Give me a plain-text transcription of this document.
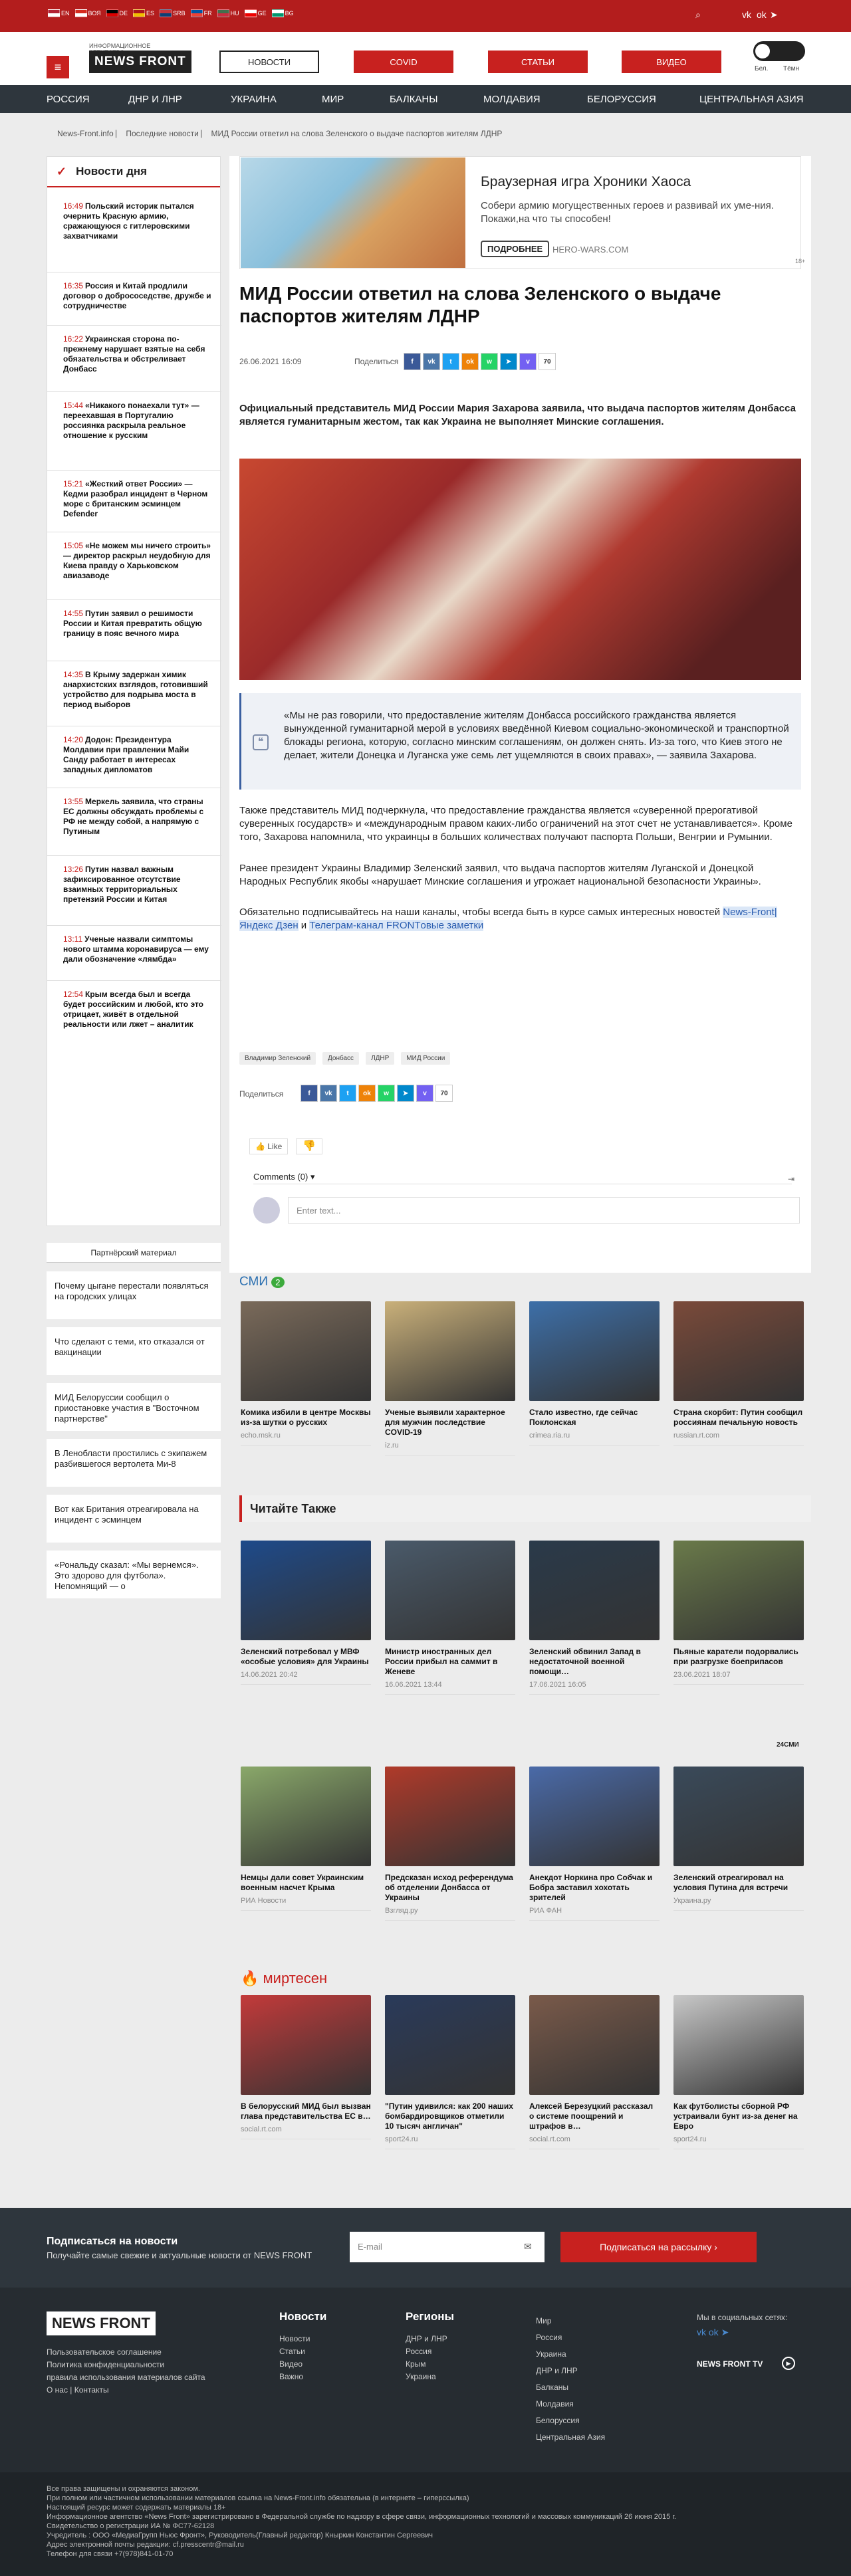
EN	ВОЯ	DE	ES	SRB	FR	HU	GE	BG	⌕	vk ok ➤
≡
ИНФОРМАЦИОННОЕ
NEWS FRONT	НОВОСТИ	COVID	СТАТЬИ	ВИДЕО
Бел. Тёмн
РОССИЯ	ДНР И ЛНР	УКРАИНА	МИР	БАЛКАНЫ	МОЛДАВИЯ	БЕЛОРУССИЯ	ЦЕНТРАЛЬНАЯ АЗИЯ
News-Front.info ⎸ Последние новости ⎸ МИД России ответил на слова Зеленского о выдаче паспортов жителям ЛДНР
✓ Новости дня
16:49 Польский историк пытался очернить Красную армию, сражающуюся с гитлеровскими захватчиками
16:35 Россия и Китай продлили договор о добрососедстве, дружбе и сотрудничестве
16:22 Украинская сторона по-прежнему нарушает взятые на себя обязательства и обстреливает Донбасс
15:44 «Никакого понаехали тут» — переехавшая в Португалию россиянка раскрыла реальное отношение к русским
15:21 «Жесткий ответ России» — Кедми разобрал инцидент в Черном море с британским эсминцем Defender
15:05 «Не можем мы ничего строить» — директор раскрыл неудобную для Киева правду о Харьковском авиазаводе
14:55 Путин заявил о решимости России и Китая превратить общую границу в пояс вечного мира
14:35 В Крыму задержан химик анархистских взглядов, готовивший устройство для подрыва моста в период выборов
14:20 Додон: Президентура Молдавии при правлении Майи Санду работает в интересах западных дипломатов
13:55 Меркель заявила, что страны ЕС должны обсуждать проблемы с РФ не между собой, а напрямую с Путиным
13:26 Путин назвал важным зафиксированное отсутствие взаимных территориальных претензий России и Китая
13:11 Ученые назвали симптомы нового штамма коронавируса — ему дали обозначение «лямбда»
12:54 Крым всегда был и всегда будет российским и любой, кто это отрицает, живёт в отдельной реальности или лжет – аналитик
Партнёрский материал
Почему цыгане перестали появляться на городских улицах
Что сделают с теми, кто отказался от вакцинации
МИД Белоруссии сообщил о приостановке участия в "Восточном партнерстве"
В Ленобласти простились с экипажем разбившегося вертолета Ми-8
Вот как Британия отреагировала на инцидент с эсминцем
«Рональду сказал: «Мы вернемся». Это здорово для футбола». Непомнящий — о
Браузерная игра Хроники Хаоса
Собери армию могущественных героев и развивай их уме-ния. Покажи,на что ты способен!
ПОДРОБНЕЕ	HERO-WARS.COM
18+
МИД России ответил на слова Зеленского о выдаче паспортов жителям ЛДНР
26.06.2021 16:09	Поделиться	f	vk	t	ok	w	➤	v	70

Официальный представитель МИД России Мария Захарова заявила, что выдача паспортов жителям Донбасса является гуманитарным жестом, так как Украина не выполняет Минские соглашения.

❝

«Мы не раз говорили, что предоставление жителям Донбасса российского гражданства является вынужденной гуманитарной мерой в условиях введённой Киевом социально-экономической и транспортной блокады региона, которую, согласно минским соглашениям, он должен снять. Из-за того, что Киев этого не делает, жители Донецка и Луганска уже семь лет ущемляются в своих правах», — заявила Захарова.

Также представитель МИД подчеркнула, что предоставление гражданства является «суверенной прерогативой суверенных государств» и «международным правом каких-либо ограничений на этот счет не устанавливается». Кроме того, Захарова напомнила, что украинцы в больших количествах получают паспорта Польши, Венгрии и Румынии.

Ранее президент Украины Владимир Зеленский заявил, что выдача паспортов жителям Луганской и Донецкой Народных Республик якобы «нарушает Минские соглашения и угрожает национальной безопасности Украины».

Обязательно подписывайтесь на наши каналы, чтобы всегда быть в курсе самых интересных новостей News-Front|Яндекс Дзен и Телеграм-канал FRONTовые заметки

Владимир Зеленский	Донбасс	ЛДНР	МИД России
Поделиться	f	vk	t	ok	w	➤	v	70
👍 Like	👎
Comments (0) ▾	⇥
Enter text...
СМИ 2
Комика избили в центре Москвы из-за шутки о русских
echo.msk.ru
Ученые выявили характерное для мужчин последствие COVID-19
iz.ru
Стало известно, где сейчас Поклонская
crimea.ria.ru
Страна скорбит: Путин сообщил россиянам печальную новость
russian.rt.com
Читайте Также
Зеленский потребовал у МВФ «особые условия» для Украины
14.06.2021 20:42
Министр иностранных дел России прибыл на саммит в Женеве
16.06.2021 13:44
Зеленский обвинил Запад в недостаточной военной помощи…
17.06.2021 16:05
Пьяные каратели подорвались при разгрузке боеприпасов
23.06.2021 18:07
24СМИ
Немцы дали совет Украинским военным насчет Крыма
РИА Новости
Предсказан исход референдума об отделении Донбасса от Украины
Взгляд.ру
Анекдот Норкина про Собчак и Бобра заставил хохотать зрителей
РИА ФАН
Зеленский отреагировал на условия Путина для встречи
Украина.ру
🔥 миртесен
В белорусский МИД был вызван глава представительства ЕС в…
social.rt.com
"Путин удивился: как 200 наших бомбардировщиков отметили 10 тысяч англичан"
sport24.ru
Алексей Березуцкий рассказал о системе поощрений и штрафов в…
social.rt.com
Как футболисты сборной РФ устраивали бунт из-за денег на Евро
sport24.ru
Подписаться на новости
Получайте самые свежие и актуальные новости от NEWS FRONT
E-mail	✉	Подписаться на рассылку ›
NEWS FRONT
Пользовательское соглашение
Политика конфиденциальности
правила использования материалов сайта
О нас | Контакты
Новости
Новости
Статьи
Видео
Важно
Регионы
ДНР и ЛНР
Россия
Крым
Украина
Мир
Россия
Украина
ДНР и ЛНР
Балканы
Молдавия
Белоруссия
Центральная Азия
Мы в социальных сетях:
vk ok ➤
NEWS FRONT TV	▶
Все права защищены и охраняются законом.
При полном или частичном использовании материалов ссылка на News-Front.info обязательна (в интернете – гиперссылка)
Настоящий ресурс может содержать материалы 18+
Информационное агентство «News Front» зарегистрировано в Федеральной службе по надзору в сфере связи, информационных технологий и массовых коммуникаций 26 июня 2015 г.
Свидетельство о регистрации ИА № ФС77-62128
Учредитель : ООО «МедиаГрупп Ньюс Фронт», Руководитель(Главный редактор) Кныркин Константин Сергеевич
Адрес электронной почты редакции: cf.presscentr@mail.ru
Телефон для связи +7(978)841-01-70
